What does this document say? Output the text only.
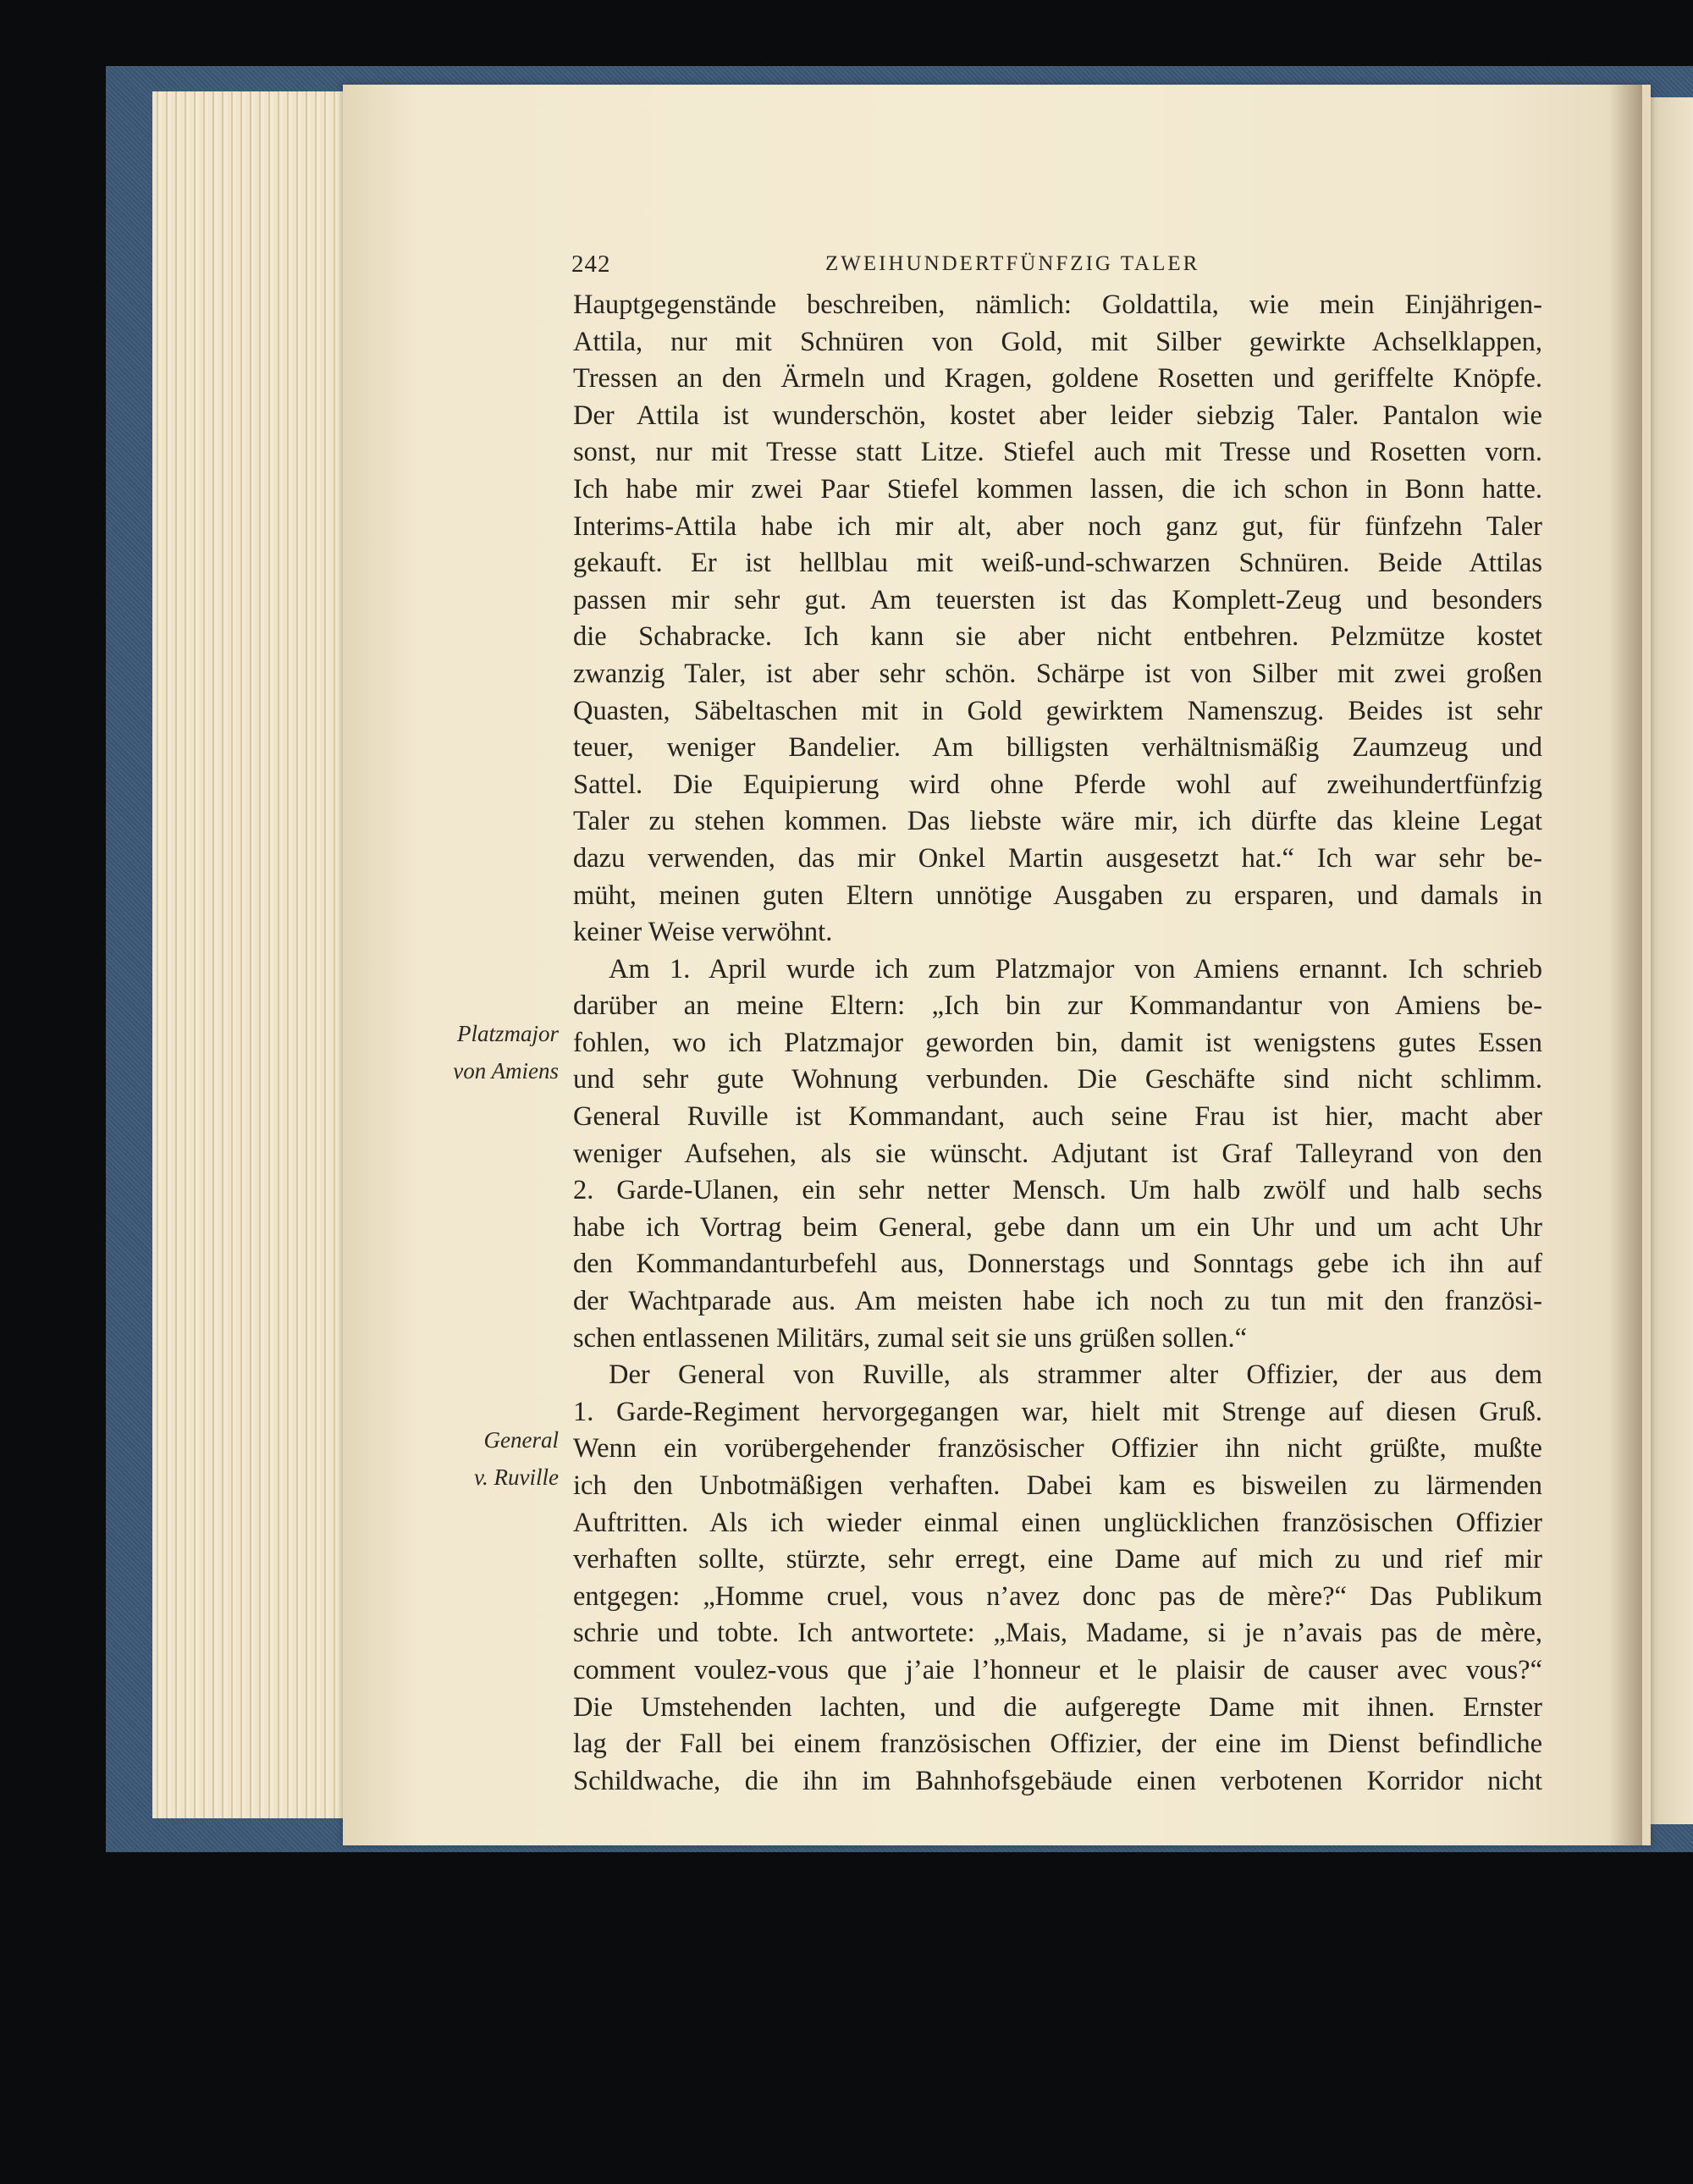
242	ZWEIHUNDERTFÜNFZIG TALER
Platzmajor
von Amiens
General
v. Ruville
Hauptgegenstände beschreiben, nämlich: Goldattila, wie mein Einjährigen-
Attila, nur mit Schnüren von Gold, mit Silber gewirkte Achselklappen,
Tressen an den Ärmeln und Kragen, goldene Rosetten und geriffelte Knöpfe.
Der Attila ist wunderschön, kostet aber leider siebzig Taler. Pantalon wie
sonst, nur mit Tresse statt Litze. Stiefel auch mit Tresse und Rosetten vorn.
Ich habe mir zwei Paar Stiefel kommen lassen, die ich schon in Bonn hatte.
Interims-Attila habe ich mir alt, aber noch ganz gut, für fünfzehn Taler
gekauft. Er ist hellblau mit weiß-und-schwarzen Schnüren. Beide Attilas
passen mir sehr gut. Am teuersten ist das Komplett-Zeug und besonders
die Schabracke. Ich kann sie aber nicht entbehren. Pelzmütze kostet
zwanzig Taler, ist aber sehr schön. Schärpe ist von Silber mit zwei großen
Quasten, Säbeltaschen mit in Gold gewirktem Namenszug. Beides ist sehr
teuer, weniger Bandelier. Am billigsten verhältnismäßig Zaumzeug und
Sattel. Die Equipierung wird ohne Pferde wohl auf zweihundertfünfzig
Taler zu stehen kommen. Das liebste wäre mir, ich dürfte das kleine Legat
dazu verwenden, das mir Onkel Martin ausgesetzt hat.“ Ich war sehr be-
müht, meinen guten Eltern unnötige Ausgaben zu ersparen, und damals in
keiner Weise verwöhnt.
Am 1. April wurde ich zum Platzmajor von Amiens ernannt. Ich schrieb
darüber an meine Eltern: „Ich bin zur Kommandantur von Amiens be-
fohlen, wo ich Platzmajor geworden bin, damit ist wenigstens gutes Essen
und sehr gute Wohnung verbunden. Die Geschäfte sind nicht schlimm.
General Ruville ist Kommandant, auch seine Frau ist hier, macht aber
weniger Aufsehen, als sie wünscht. Adjutant ist Graf Talleyrand von den
2. Garde-Ulanen, ein sehr netter Mensch. Um halb zwölf und halb sechs
habe ich Vortrag beim General, gebe dann um ein Uhr und um acht Uhr
den Kommandanturbefehl aus, Donnerstags und Sonntags gebe ich ihn auf
der Wachtparade aus. Am meisten habe ich noch zu tun mit den französi-
schen entlassenen Militärs, zumal seit sie uns grüßen sollen.“
Der General von Ruville, als strammer alter Offizier, der aus dem
1. Garde-Regiment hervorgegangen war, hielt mit Strenge auf diesen Gruß.
Wenn ein vorübergehender französischer Offizier ihn nicht grüßte, mußte
ich den Unbotmäßigen verhaften. Dabei kam es bisweilen zu lärmenden
Auftritten. Als ich wieder einmal einen unglücklichen französischen Offizier
verhaften sollte, stürzte, sehr erregt, eine Dame auf mich zu und rief mir
entgegen: „Homme cruel, vous n’avez donc pas de mère?“ Das Publikum
schrie und tobte. Ich antwortete: „Mais, Madame, si je n’avais pas de mère,
comment voulez-vous que j’aie l’honneur et le plaisir de causer avec vous?“
Die Umstehenden lachten, und die aufgeregte Dame mit ihnen. Ernster
lag der Fall bei einem französischen Offizier, der eine im Dienst befindliche
Schildwache, die ihn im Bahnhofsgebäude einen verbotenen Korridor nicht
